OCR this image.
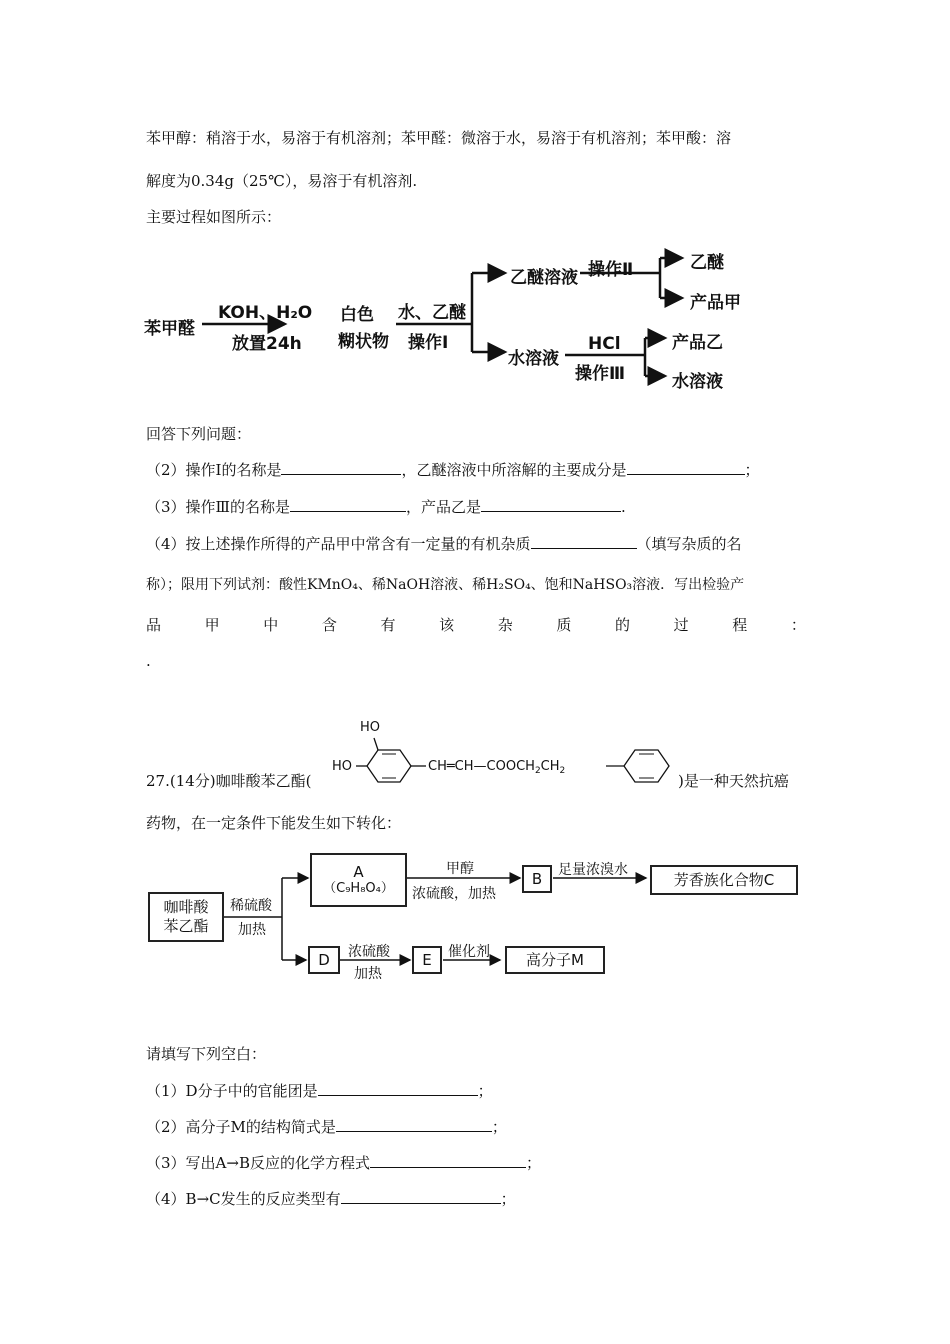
苯甲醇：稍溶于水，易溶于有机溶剂；苯甲醛：微溶于水，易溶于有机溶剂；苯甲酸：溶
解度为0.34g（25℃），易溶于有机溶剂.
主要过程如图所示：
苯甲醛
KOH、H₂O
放置24h
白色
糊状物
水、乙醚
操作Ⅰ
乙醚溶液 操作Ⅱ	乙醚
产品甲
水溶液
HCl
操作Ⅲ
产品乙
水溶液
回答下列问题：
（2）操作Ⅰ的名称是	，乙醚溶液中所溶解的主要成分是	；
（3）操作Ⅲ的名称是	，产品乙是	.
（4）按上述操作所得的产品甲中常含有一定量的有机杂质	（填写杂质的名
称）；限用下列试剂：酸性KMnO₄、稀NaOH溶液、稀H₂SO₄、饱和NaHSO₃溶液．写出检验产
品	甲	中	含	有	该	杂	质	的	过	程	：
.
27.(14分)咖啡酸苯乙酯(
HO
HO	$CH═CH—COOCH_2CH_2$
)是一种天然抗癌
药物，在一定条件下能发生如下转化：
咖啡酸
苯乙酯
稀硫酸
加热
A
（C₉H₈O₄）
甲醇
浓硫酸，加热
B	足量浓溴水
芳香族化合物C
D	浓硫酸
加热
E	催化剂	高分子M
请填写下列空白：
（1）D分子中的官能团是	；
（2）高分子M的结构简式是	；
（3）写出A→B反应的化学方程式	；
（4）B→C发生的反应类型有	；
